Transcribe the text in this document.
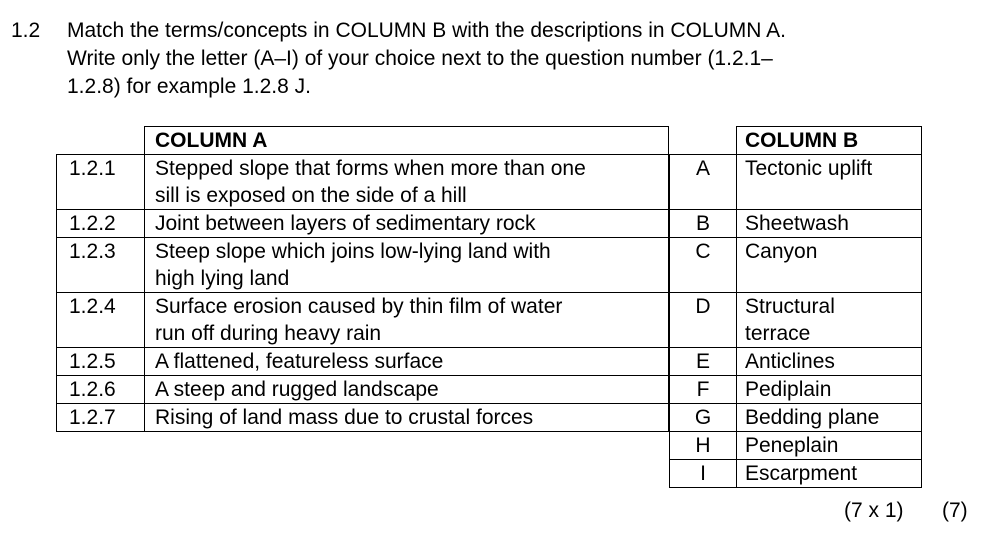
1.2 Match the terms/concepts in COLUMN B with the descriptions in COLUMN A.
Write only the letter (A–I) of your choice next to the question number (1.2.1–
1.2.8) for example 1.2.8 J.
	COLUMN A
1.2.1	Stepped slope that forms when more than one
sill is exposed on the side of a hill

1.2.2	Joint between layers of sedimentary rock

1.2.3	Steep slope which joins low-lying land with
high lying land

1.2.4	Surface erosion caused by thin film of water
run off during heavy rain

1.2.5	A flattened, featureless surface

1.2.6	A steep and rugged landscape

1.2.7	Rising of land mass due to crustal forces
	COLUMN B
A	Tectonic uplift

B	Sheetwash

C	Canyon

D	Structural
terrace

E	Anticlines

F	Pediplain

G	Bedding plane

H	Peneplain

I	Escarpment
(7 x 1) (7)
